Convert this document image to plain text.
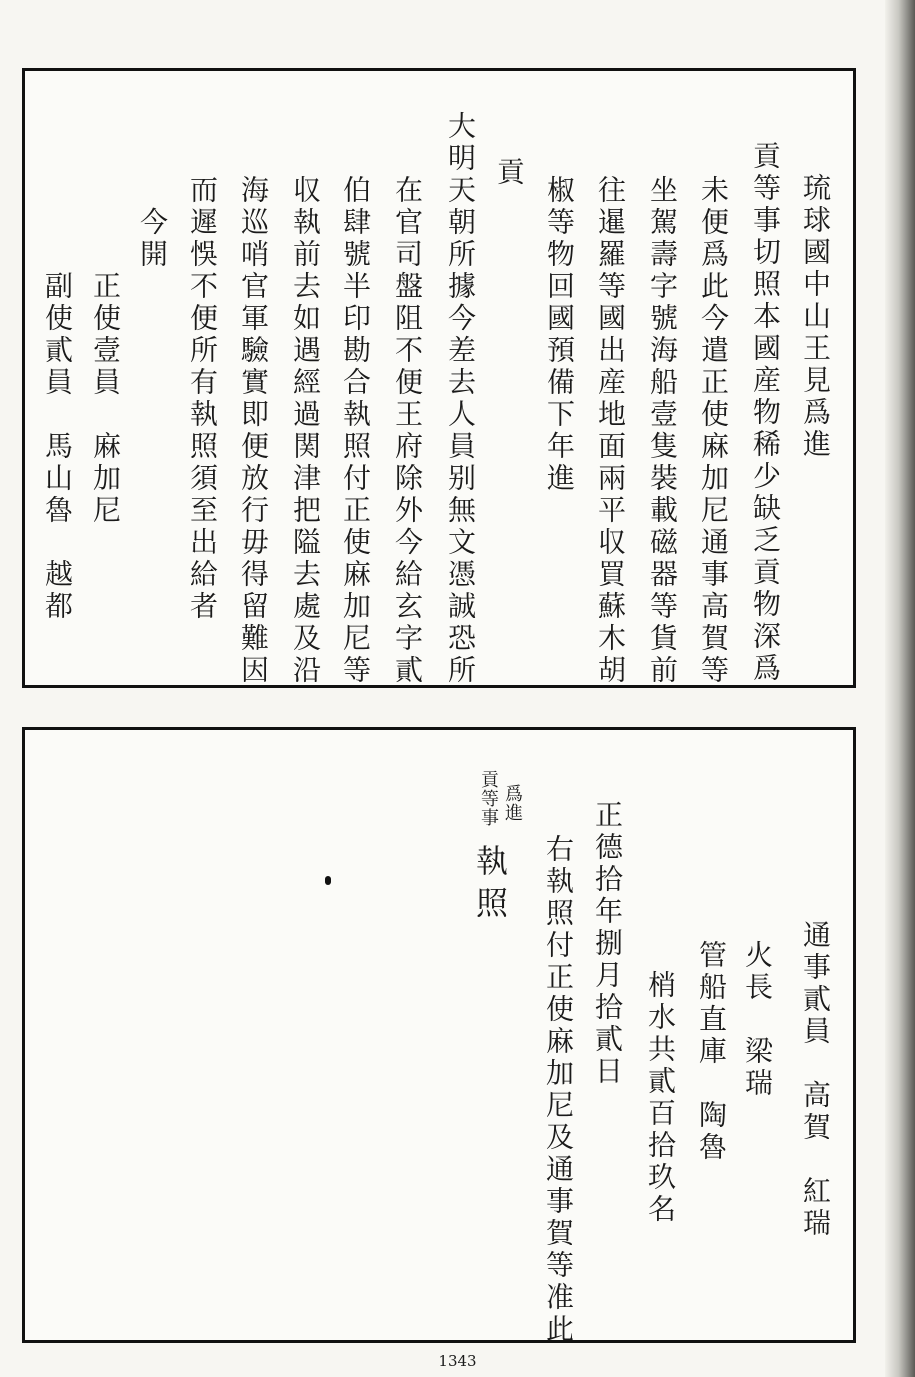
琉球國中山王見爲進
貢等事切照本國産物稀少缺乏貢物深爲
未便爲此今遣正使麻加尼通事高賀等
坐駕壽字號海船壹隻裝載磁器等貨前
往暹羅等國出産地面兩平収買蘇木胡
椒等物回國預備下年進
貢
大明天朝所據今差去人員别無文憑誠恐所
在官司盤阻不便王府除外今給玄字貳
伯肆號半印勘合執照付正使麻加尼等
収執前去如遇經過関津把隘去處及沿
海巡哨官軍驗實即便放行毋得留難因
而遲悞不便所有執照須至出給者
今開
正使壹員　麻加尼
副使貳員　馬山魯　越都
通事貳員　高賀　紅瑞
火長　梁瑞
管船直庫　陶魯
梢水共貳百拾玖名
正德拾年捌月拾貳日
右執照付正使麻加尼及通事賀等准此
執照
爲進
貢等事
1343
